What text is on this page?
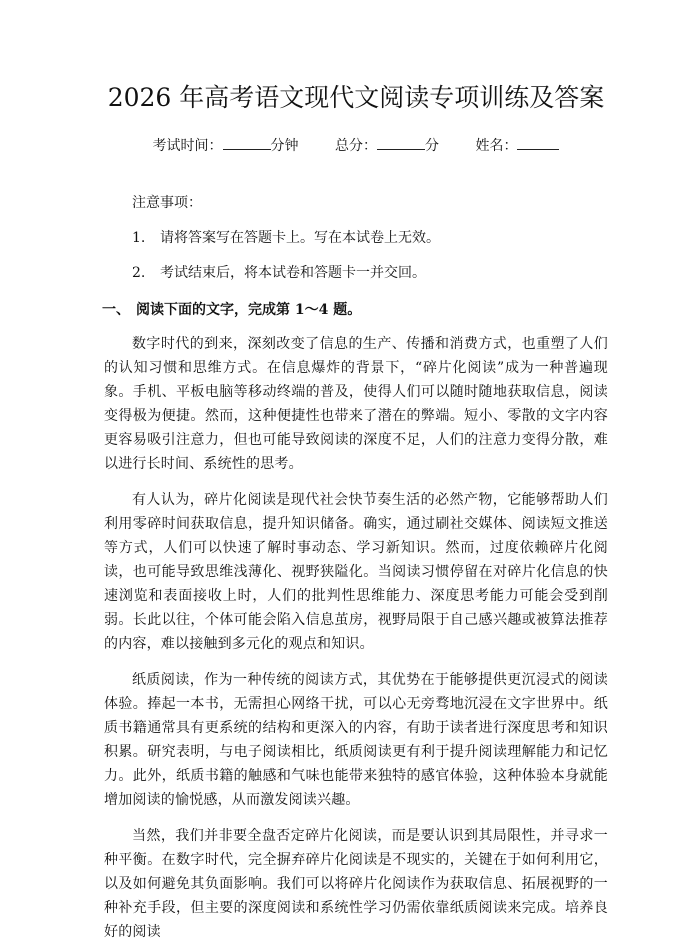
2026 年高考语文现代文阅读专项训练及答案
考试时间：	分钟	总分：	分	姓名：
注意事项：
1.	请将答案写在答题卡上。写在本试卷上无效。
2.	考试结束后，将本试卷和答题卡一并交回。
一、 阅读下面的文字，完成第 1～4 题。

数字时代的到来，深刻改变了信息的生产、传播和消费方式，也重塑了人们的认知习惯和思维方式。在信息爆炸的背景下，“碎片化阅读”成为一种普遍现象。手机、平板电脑等移动终端的普及，使得人们可以随时随地获取信息，阅读变得极为便捷。然而，这种便捷性也带来了潜在的弊端。短小、零散的文字内容更容易吸引注意力，但也可能导致阅读的深度不足，人们的注意力变得分散，难以进行长时间、系统性的思考。

有人认为，碎片化阅读是现代社会快节奏生活的必然产物，它能够帮助人们利用零碎时间获取信息，提升知识储备。确实，通过刷社交媒体、阅读短文推送等方式，人们可以快速了解时事动态、学习新知识。然而，过度依赖碎片化阅读，也可能导致思维浅薄化、视野狭隘化。当阅读习惯停留在对碎片化信息的快速浏览和表面接收上时，人们的批判性思维能力、深度思考能力可能会受到削弱。长此以往，个体可能会陷入信息茧房，视野局限于自己感兴趣或被算法推荐的内容，难以接触到多元化的观点和知识。

纸质阅读，作为一种传统的阅读方式，其优势在于能够提供更沉浸式的阅读体验。捧起一本书，无需担心网络干扰，可以心无旁骛地沉浸在文字世界中。纸质书籍通常具有更系统的结构和更深入的内容，有助于读者进行深度思考和知识积累。研究表明，与电子阅读相比，纸质阅读更有利于提升阅读理解能力和记忆力。此外，纸质书籍的触感和气味也能带来独特的感官体验，这种体验本身就能增加阅读的愉悦感，从而激发阅读兴趣。

当然，我们并非要全盘否定碎片化阅读，而是要认识到其局限性，并寻求一种平衡。在数字时代，完全摒弃碎片化阅读是不现实的，关键在于如何利用它，以及如何避免其负面影响。我们可以将碎片化阅读作为获取信息、拓展视野的一种补充手段，但主要的深度阅读和系统性学习仍需依靠纸质阅读来完成。培养良好的阅读
